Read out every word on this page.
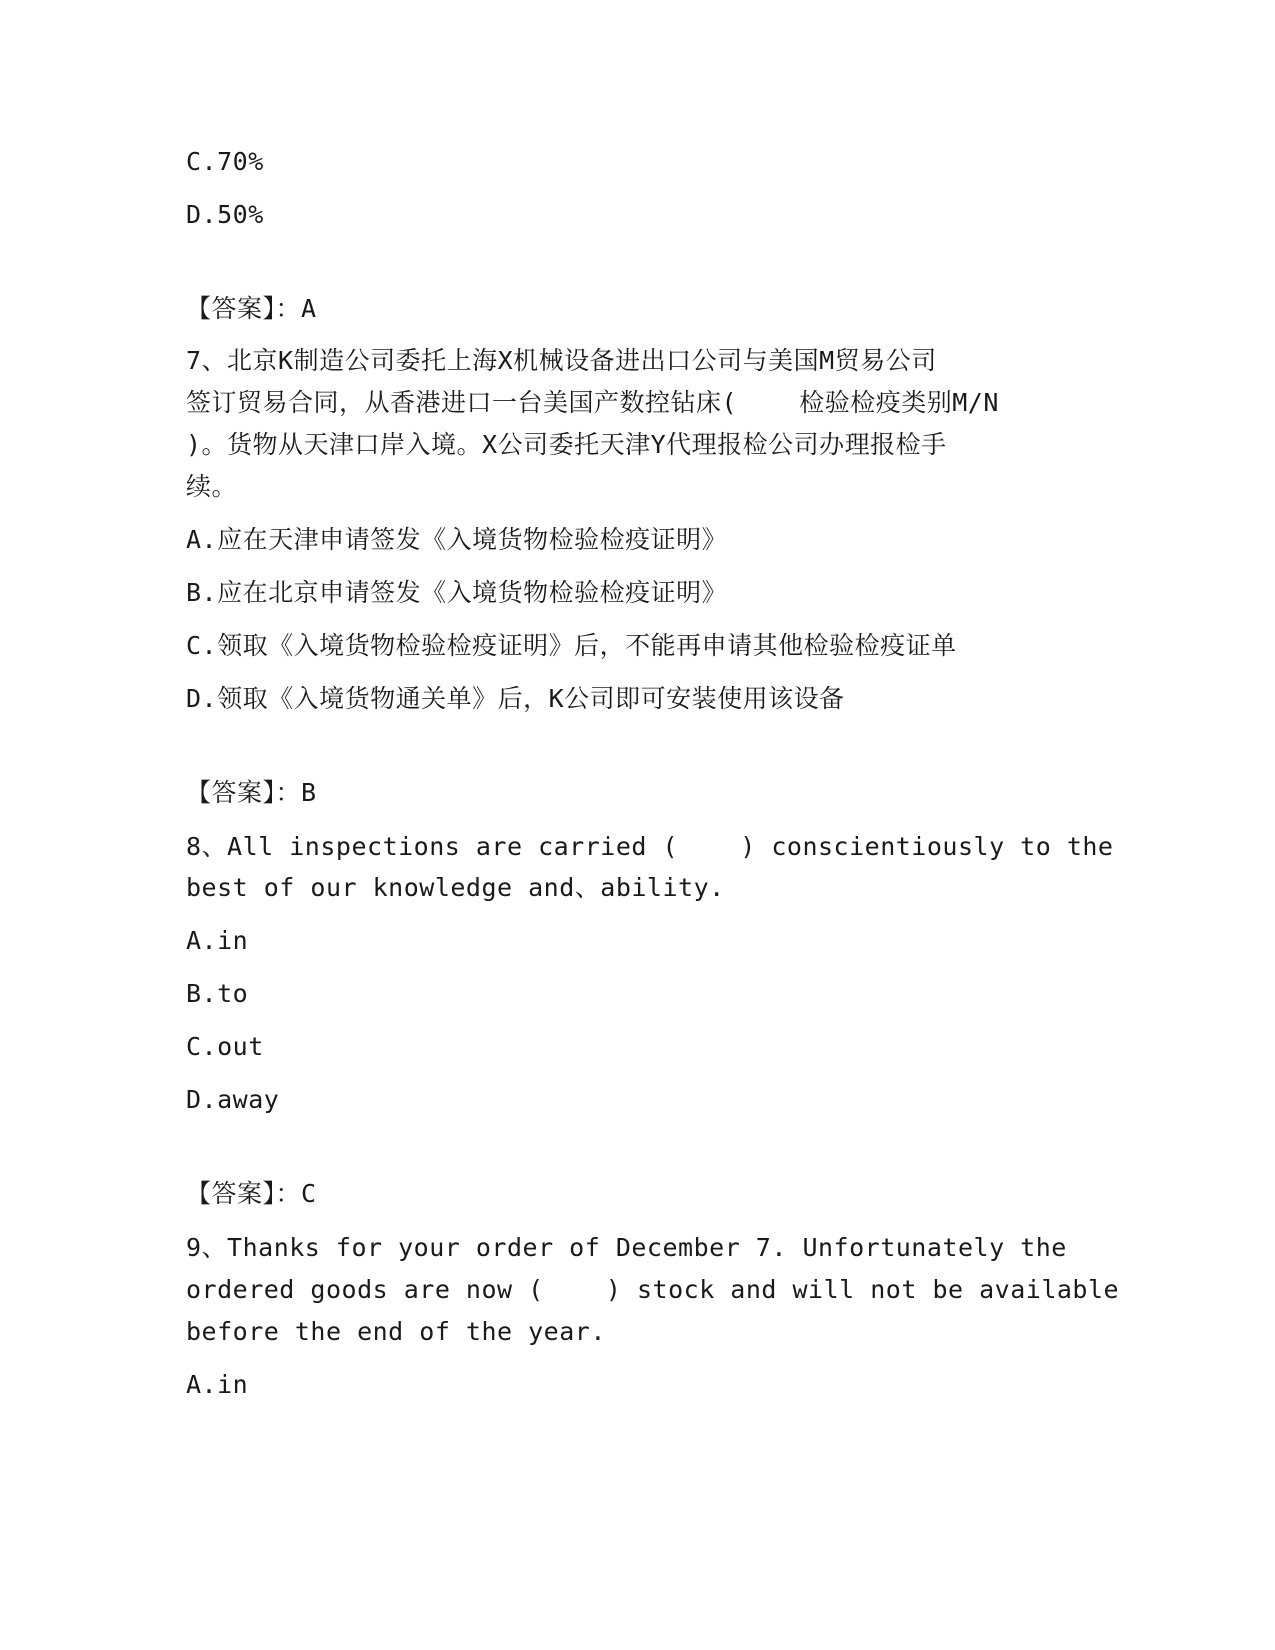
C.70%
D.50%
【答案】：A
7、北京K制造公司委托上海X机械设备进出口公司与美国M贸易公司
签订贸易合同，从香港进口一台美国产数控钻床(    检验检疫类别M/N
)。货物从天津口岸入境。X公司委托天津Y代理报检公司办理报检手
续。
A.应在天津申请签发《入境货物检验检疫证明》
B.应在北京申请签发《入境货物检验检疫证明》
C.领取《入境货物检验检疫证明》后，不能再申请其他检验检疫证单
D.领取《入境货物通关单》后，K公司即可安装使用该设备
【答案】：B
8、All inspections are carried (    ) conscientiously to the
best of our knowledge and、ability.
A.in
B.to
C.out
D.away
【答案】：C
9、Thanks for your order of December 7. Unfortunately the
ordered goods are now (    ) stock and will not be available
before the end of the year.
A.in
